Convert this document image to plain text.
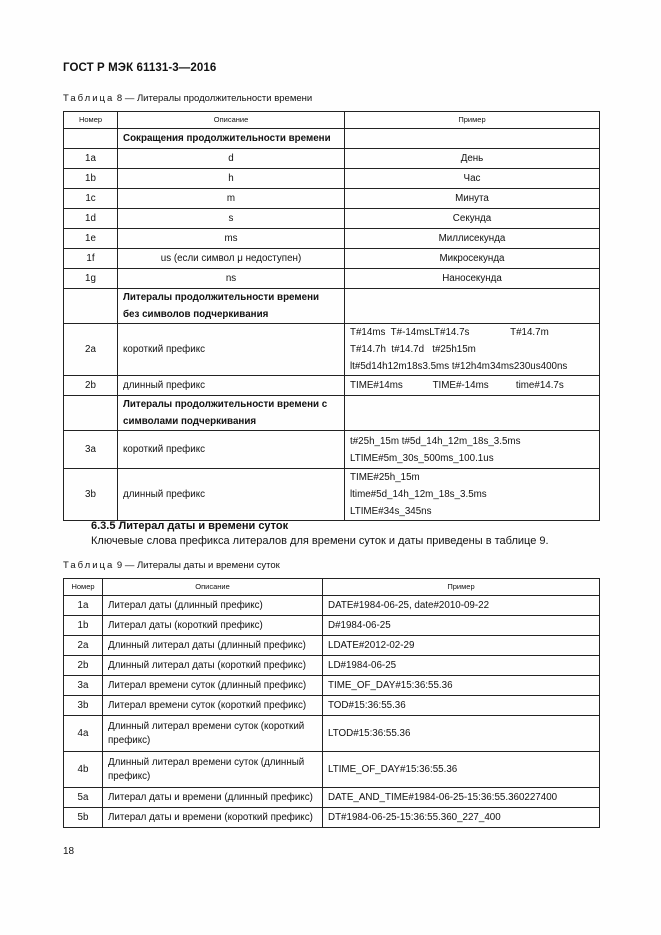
ГОСТ Р МЭК 61131-3—2016
Таблица 8 — Литералы продолжительности времени
Номер	Описание	Пример
	Сокращения продолжительности времени	
1a	d	День
1b	h	Час
1c	m	Минута
1d	s	Секунда
1e	ms	Миллисекунда
1f	us (если символ μ недоступен)	Микросекунда
1g	ns	Наносекунда

	Литералы продолжительности времени
без символов подчеркивания	

2a	короткий префикс	T#14ms  T#-14msLT#14.7s               T#14.7m
T#14.7h  t#14.7d   t#25h15m
lt#5d14h12m18s3.5ms t#12h4m34ms230us400ns

2b	длинный префикс	TIME#14ms           TIME#-14ms          time#14.7s

	Литералы продолжительности времени с
символами подчеркивания	

3a	короткий префикс	t#25h_15m t#5d_14h_12m_18s_3.5ms
LTIME#5m_30s_500ms_100.1us

3b	длинный префикс	TIME#25h_15m
ltime#5d_14h_12m_18s_3.5ms
LTIME#34s_345ns
6.3.5 Литерал даты и времени суток
Ключевые слова префикса литералов для времени суток и даты приведены в таблице 9.
Таблица 9 — Литералы даты и времени суток
Номер	Описание	Пример
1a	Литерал даты (длинный префикс)	DATE#1984-06-25, date#2010-09-22
1b	Литерал даты (короткий префикс)	D#1984-06-25
2a	Длинный литерал даты (длинный префикс)	LDATE#2012-02-29
2b	Длинный литерал даты (короткий префикс)	LD#1984-06-25
3a	Литерал времени суток (длинный префикс)	TIME_OF_DAY#15:36:55.36
3b	Литерал времени суток (короткий префикс)	TOD#15:36:55.36
4a	Длинный литерал времени суток (короткий префикс)	LTOD#15:36:55.36
4b	Длинный литерал времени суток (длинный префикс)	LTIME_OF_DAY#15:36:55.36
5a	Литерал даты и времени (длинный префикс)	DATE_AND_TIME#1984-06-25-15:36:55.360227400
5b	Литерал даты и времени (короткий префикс)	DT#1984-06-25-15:36:55.360_227_400
18
